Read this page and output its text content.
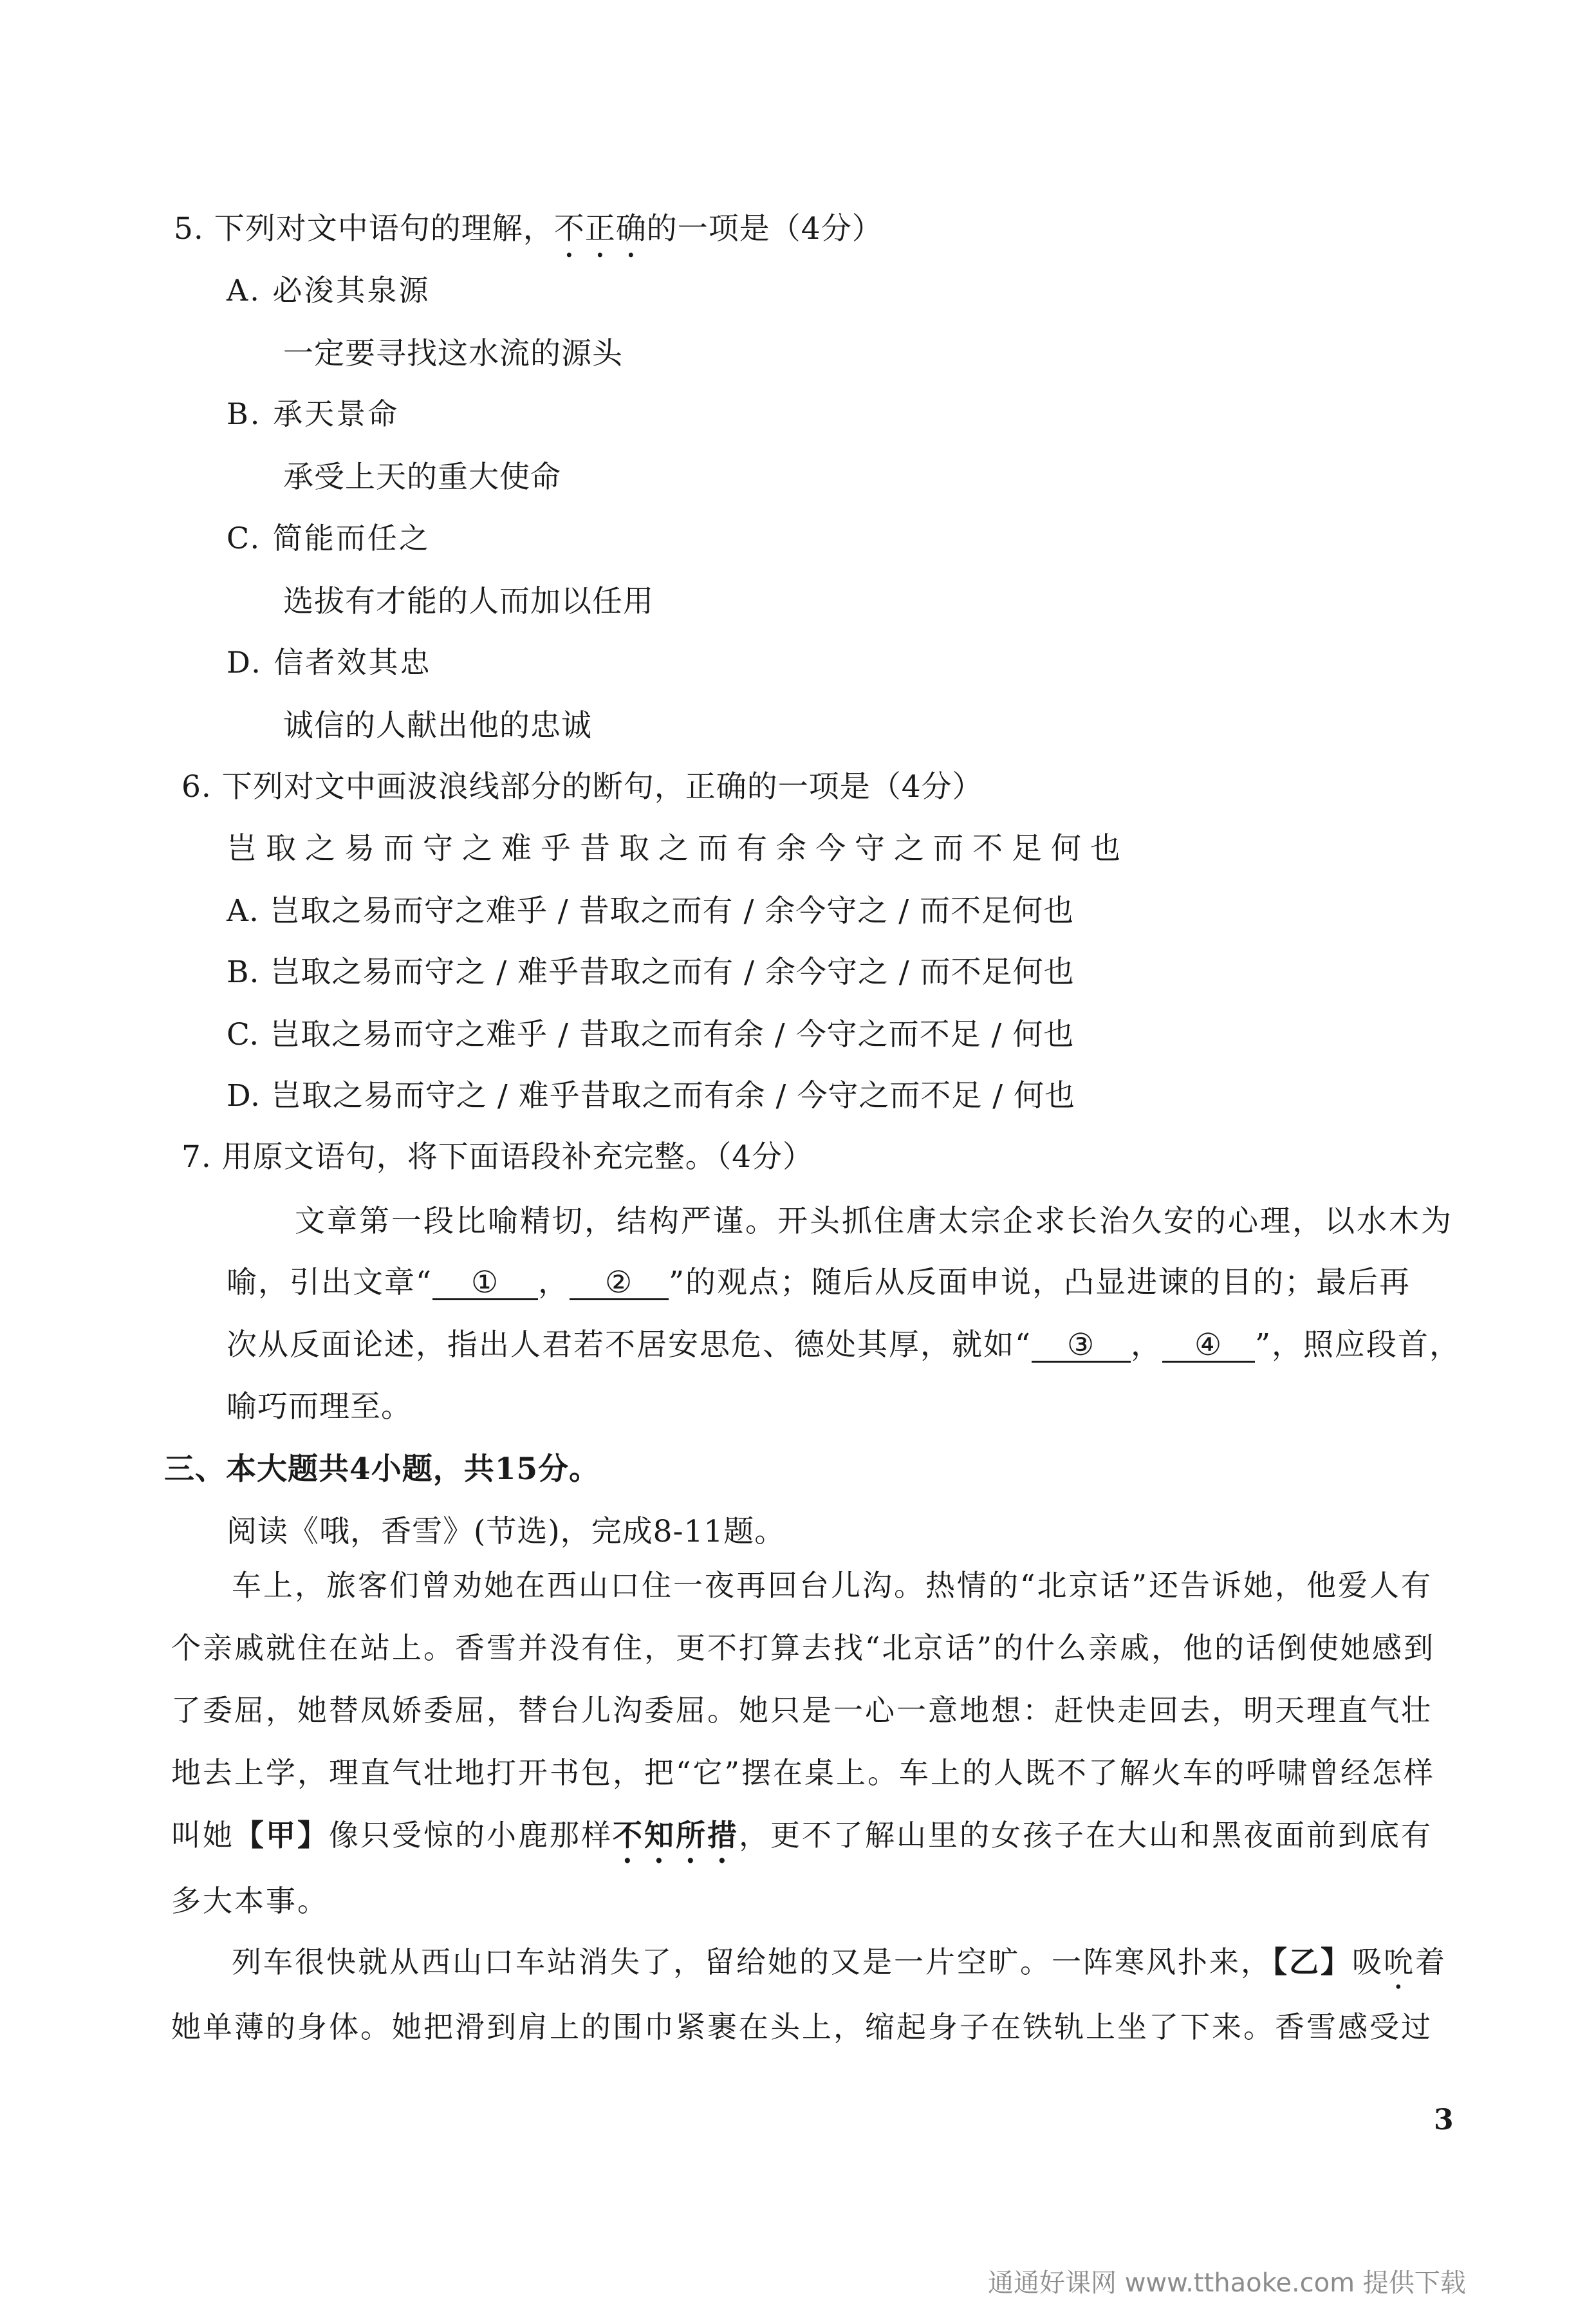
5. 下列对文中语句的理解，不正确的一项是（4分）
A. 必浚其泉源
一定要寻找这水流的源头
B. 承天景命
承受上天的重大使命
C. 简能而任之
选拔有才能的人而加以任用
D. 信者效其忠
诚信的人献出他的忠诚
6. 下列对文中画波浪线部分的断句，正确的一项是（4分）
岂取之易而守之难乎昔取之而有余今守之而不足何也
A. 岂取之易而守之难乎 / 昔取之而有 / 余今守之 / 而不足何也
B. 岂取之易而守之 / 难乎昔取之而有 / 余今守之 / 而不足何也
C. 岂取之易而守之难乎 / 昔取之而有余 / 今守之而不足 / 何也
D. 岂取之易而守之 / 难乎昔取之而有余 / 今守之而不足 / 何也
7. 用原文语句，将下面语段补充完整。（4分）
文章第一段比喻精切，结构严谨。开头抓住唐太宗企求长治久安的心理，以水木为
喻，引出文章“ ① ， ② ”的观点；随后从反面申说，凸显进谏的目的；最后再
次从反面论述，指出人君若不居安思危、德处其厚，就如“ ③ ， ④ ”，照应段首，
喻巧而理至。
三、本大题共4小题，共15分。
阅读《哦，香雪》(节选)，完成8-11题。
车上，旅客们曾劝她在西山口住一夜再回台儿沟。热情的“北京话”还告诉她，他爱人有个亲戚就住在站上。香雪并没有住，更不打算去找“北京话”的什么亲戚，他的话倒使她感到了委屈，她替凤娇委屈，替台儿沟委屈。她只是一心一意地想：赶快走回去，明天理直气壮地去上学，理直气壮地打开书包，把“它”摆在桌上。车上的人既不了解火车的呼啸曾经怎样叫她【甲】像只受惊的小鹿那样不知所措，更不了解山里的女孩子在大山和黑夜面前到底有多大本事。
列车很快就从西山口车站消失了，留给她的又是一片空旷。一阵寒风扑来，【乙】吸吮着她单薄的身体。她把滑到肩上的围巾紧裹在头上，缩起身子在铁轨上坐了下来。香雪感受过
3
通通好课网 www.tthaoke.com 提供下载
